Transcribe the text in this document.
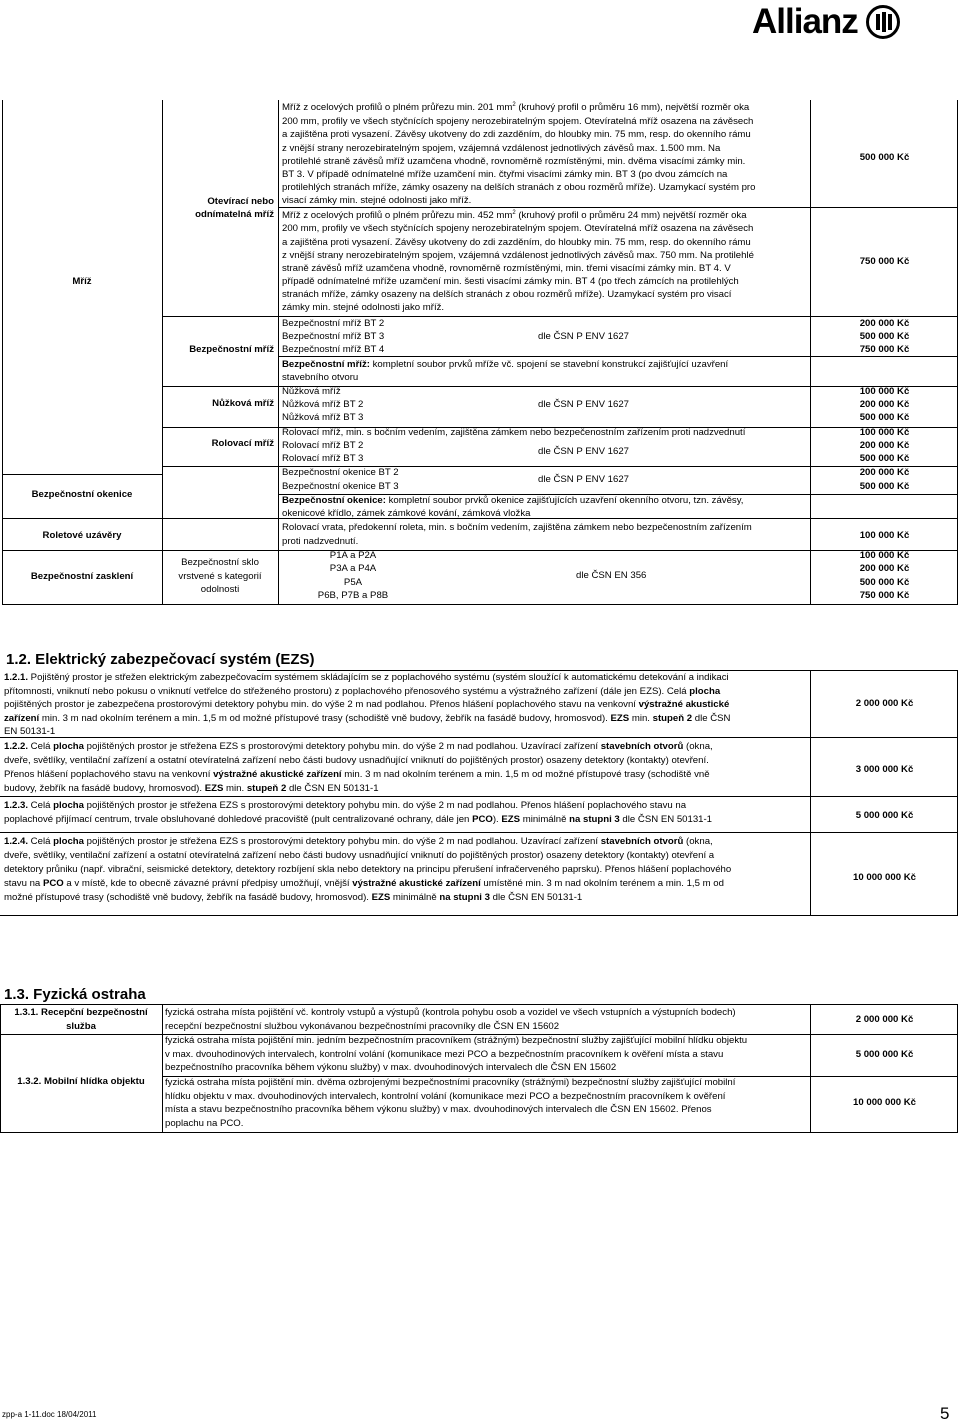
Allianz
Mříž
Bezpečnostní okenice
Roletové uzávěry
Bezpečnostní zasklení
Otevírací nebo
odnímatelná mříž
Bezpečnostní mříž
Nůžková mříž
Rolovací mříž
Bezpečnostní sklo
vrstvené s kategorií
odolnosti
Mříž z ocelových profilů o plném průřezu min. 201 $mm^2$ (kruhový profil o průměru 16 mm), největší rozměr oka
200 mm, profily ve všech styčnících spojeny nerozebiratelným spojem. Otevíratelná mříž osazena na závěsech
a zajištěna proti vysazení. Závěsy ukotveny do zdi zazděním, do hloubky min. 75 mm, resp. do okenního rámu
z vnější strany nerozebiratelným spojem, vzájemná vzdálenost jednotlivých závěsů max. 1.500 mm. Na
protilehlé straně závěsů mříž uzamčena vhodně, rovnoměrně rozmístěnými, min. dvěma visacími zámky min.
BT 3. V případě odnímatelné mříže uzamčení min. čtyřmi visacími zámky min. BT 3 (po dvou zámcích na
protilehlých stranách mříže, zámky osazeny na delších stranách z obou rozměrů mříže). Uzamykací systém pro
visací zámky min. stejné odolnosti jako mříž.
500 000 Kč
Mříž z ocelových profilů o plném průřezu min. 452 $mm^2$ (kruhový profil o průměru 24 mm) největší rozměr oka
200 mm, profily ve všech styčnících spojeny nerozebiratelným spojem. Otevíratelná mříž osazena na závěsech
a zajištěna proti vysazení. Závěsy ukotveny do zdi zazděním, do hloubky min. 75 mm, resp. do okenního rámu
z vnější strany nerozebiratelným spojem, vzájemná vzdálenost jednotlivých závěsů max. 750 mm. Na protilehlé
straně závěsů mříž uzamčena vhodně, rovnoměrně rozmístěnými, min. třemi visacími zámky min. BT 4. V
případě odnímatelné mříže uzamčení min. šesti visacími zámky min. BT 4 (po třech zámcích na protilehlých
stranách mříže, zámky osazeny na delších stranách z obou rozměrů mříže). Uzamykací systém pro visací
zámky min. stejné odolnosti jako mříž.
750 000 Kč
Bezpečnostní mříž BT 2
Bezpečnostní mříž BT 3
Bezpečnostní mříž BT 4
dle ČSN P ENV 1627
200 000 Kč
500 000 Kč
750 000 Kč
Bezpečnostní mříž: kompletní soubor prvků mříže vč. spojení se stavební konstrukcí zajišťující uzavření
stavebního otvoru
Nůžková mříž
Nůžková mříž BT 2
Nůžková mříž BT 3
dle ČSN P ENV 1627
100 000 Kč
200 000 Kč
500 000 Kč
Rolovací mříž, min. s bočním vedením, zajištěna zámkem nebo bezpečenostním zařízením proti nadzvednutí
Rolovací mříž BT 2
Rolovací mříž BT 3
dle ČSN P ENV 1627
100 000 Kč
200 000 Kč
500 000 Kč
Bezpečnostní okenice BT 2
Bezpečnostní okenice BT 3
dle ČSN P ENV 1627
200 000 Kč
500 000 Kč
Bezpečnostní okenice: kompletní soubor prvků okenice zajišťujících uzavření okenního otvoru, tzn. závěsy,
okenicové křídlo, zámek zámkové kování, zámková vložka
Rolovací vrata, předokenní roleta, min. s bočním vedením, zajištěna zámkem nebo bezpečenostním zařízením
proti nadzvednutí.
100 000 Kč
P1A a P2A
P3A a P4A
P5A
P6B, P7B a P8B
dle ČSN EN 356
100 000 Kč
200 000 Kč
500 000 Kč
750 000 Kč
1.2. Elektrický zabezpečovací systém (EZS)
1.2.1. Pojištěný prostor je střežen elektrickým zabezpečovacím systémem skládajícím se z poplachového systému (systém sloužící k automatickému detekování a indikaci
přítomnosti, vniknutí nebo pokusu o vniknutí vetřelce do střeženého prostoru) z poplachového přenosového systému a výstražného zařízení (dále jen EZS). Celá plocha
pojištěných prostor je zabezpečena prostorovými detektory pohybu min. do výše 2 m nad podlahou. Přenos hlášení poplachového stavu na venkovní výstražné akustické
zařízení min. 3 m nad okolním terénem a min. 1,5 m od možné přístupové trasy (schodiště vně budovy, žebřík na fasádě budovy, hromosvod). EZS min. stupeň 2 dle ČSN
EN 50131-1
2 000 000 Kč
1.2.2. Celá plocha pojištěných prostor je střežena EZS s prostorovými detektory pohybu min. do výše 2 m nad podlahou. Uzavírací zařízení stavebních otvorů (okna,
dveře, světlíky, ventilační zařízení a ostatní otevíratelná zařízení nebo části budovy usnadňující vniknutí do pojištěných prostor) osazeny detektory (kontakty) otevření.
Přenos hlášení poplachového stavu na venkovní výstražné akustické zařízení min. 3 m nad okolním terénem a min. 1,5 m od možné přístupové trasy (schodiště vně
budovy, žebřík na fasádě budovy, hromosvod). EZS min. stupeň 2 dle ČSN EN 50131-1
3 000 000 Kč
1.2.3. Celá plocha pojištěných prostor je střežena EZS s prostorovými detektory pohybu min. do výše 2 m nad podlahou. Přenos hlášení poplachového stavu na
poplachové přijímací centrum, trvale obsluhované dohledové pracoviště (pult centralizované ochrany, dále jen PCO). EZS minimálně na stupni 3 dle ČSN EN 50131-1	5 000 000 Kč
1.2.4. Celá plocha pojištěných prostor je střežena EZS s prostorovými detektory pohybu min. do výše 2 m nad podlahou. Uzavírací zařízení stavebních otvorů (okna,
dveře, světlíky, ventilační zařízení a ostatní otevíratelná zařízení nebo části budovy usnadňující vniknutí do pojištěných prostor) osazeny detektory (kontakty) otevření a
detektory průniku (např. vibrační, seismické detektory, detektory rozbíjení skla nebo detektory na principu přerušení infračerveného paprsku). Přenos hlášení poplachového
stavu na PCO a v místě, kde to obecně závazné právní předpisy umožňují, vnější výstražné akustické zařízení umístěné min. 3 m nad okolním terénem a min. 1,5 m od
možné přístupové trasy (schodiště vně budovy, žebřík na fasádě budovy, hromosvod). EZS minimálně na stupni 3 dle ČSN EN 50131-1
10 000 000 Kč
1.3. Fyzická ostraha
1.3.1. Recepční bezpečnostní
služba
fyzická ostraha místa pojištění vč. kontroly vstupů a výstupů (kontrola pohybu osob a vozidel ve všech vstupních a výstupních bodech)
recepční bezpečnostní službou vykonávanou bezpečnostními pracovníky dle ČSN EN 15602
2 000 000 Kč
1.3.2. Mobilní hlídka objektu
fyzická ostraha místa pojištění min. jedním bezpečnostním pracovníkem (strážným) bezpečnostní služby zajišťující mobilní hlídku objektu
v max. dvouhodinových intervalech, kontrolní volání (komunikace mezi PCO a bezpečnostním pracovníkem k ověření místa a stavu
bezpečnostního pracovníka během výkonu služby) v max. dvouhodinových intervalech dle ČSN EN 15602
5 000 000 Kč
fyzická ostraha místa pojištění min. dvěma ozbrojenými bezpečnostními pracovníky (strážnými) bezpečnostní služby zajišťující mobilní
hlídku objektu v max. dvouhodinových intervalech, kontrolní volání (komunikace mezi PCO a bezpečnostním pracovníkem k ověření
místa a stavu bezpečnostního pracovníka během výkonu služby) v max. dvouhodinových intervalech dle ČSN EN 15602. Přenos
poplachu na PCO.
10 000 000 Kč
zpp-a 1-11.doc 18/04/2011	5
